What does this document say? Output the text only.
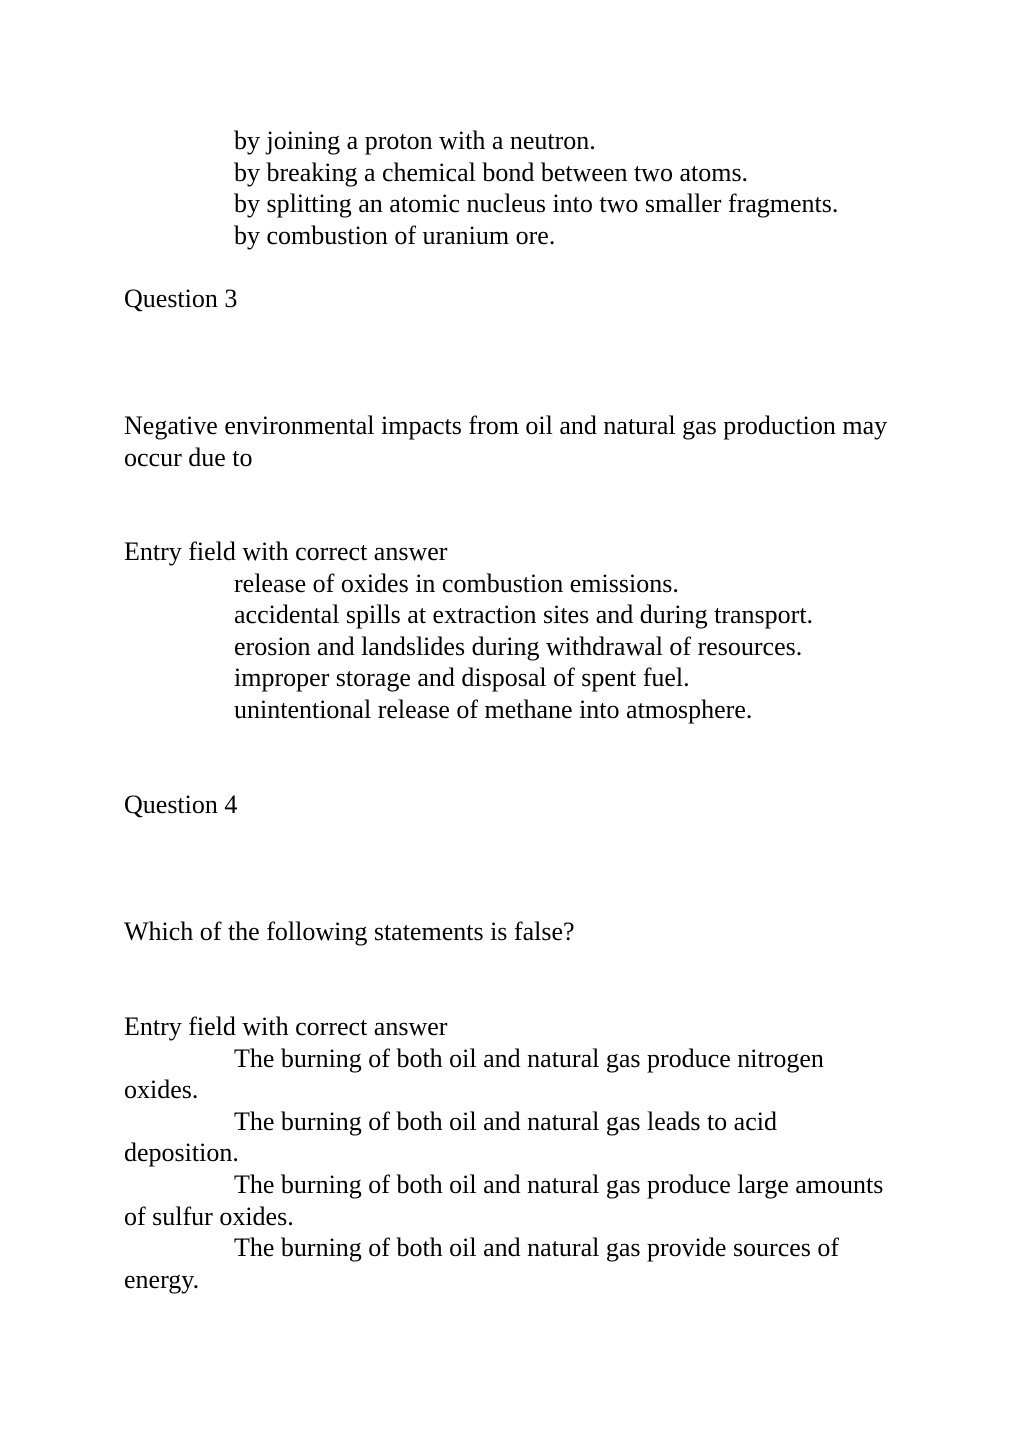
by joining a proton with a neutron.
by breaking a chemical bond between two atoms.
by splitting an atomic nucleus into two smaller fragments.
by combustion of uranium ore.
Question 3

Negative environmental impacts from oil and natural gas production may occur due to

Entry field with correct answer
release of oxides in combustion emissions.
accidental spills at extraction sites and during transport.
erosion and landslides during withdrawal of resources.
improper storage and disposal of spent fuel.
unintentional release of methane into atmosphere.
Question 4
Which of the following statements is false?
Entry field with correct answer
The burning of both oil and natural gas produce nitrogen oxides.
The burning of both oil and natural gas leads to acid deposition.
The burning of both oil and natural gas produce large amounts of sulfur oxides.
The burning of both oil and natural gas provide sources of energy.
